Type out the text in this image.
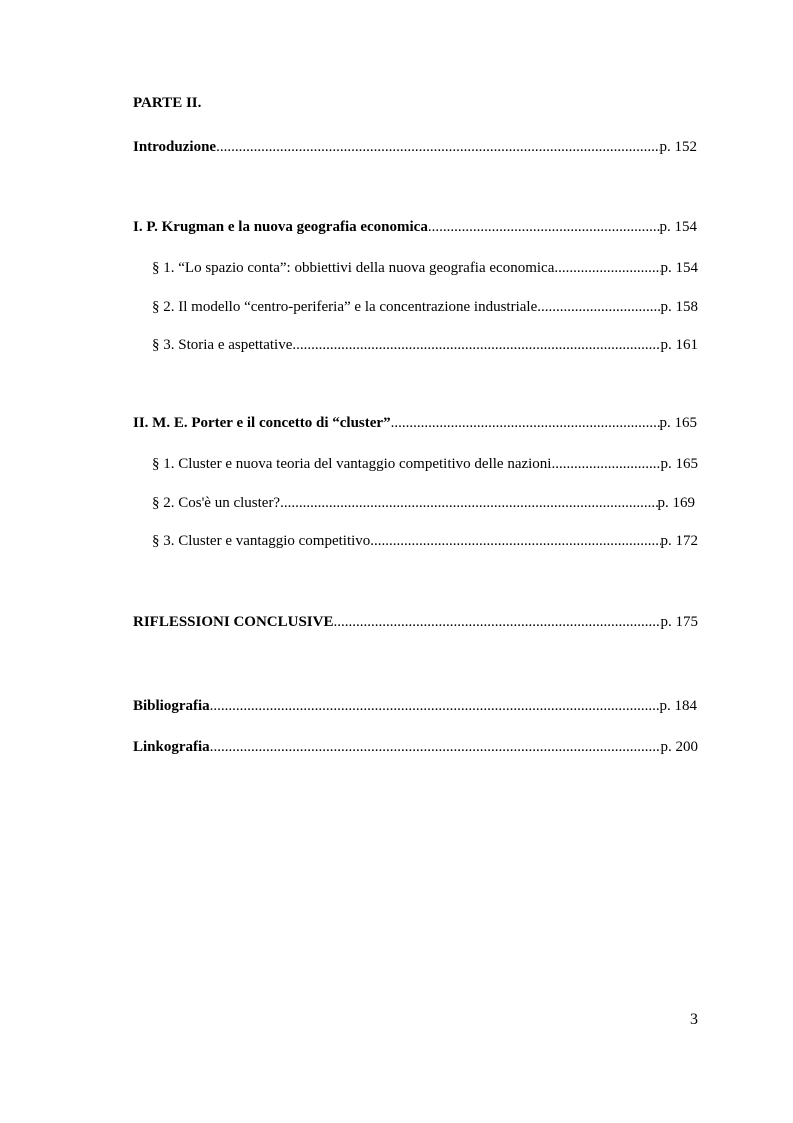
PARTE II.
Introduzione .....	p. 152
I. P. Krugman e la nuova geografia economica .....	p. 154
§ 1. “Lo spazio conta”: obbiettivi della nuova geografia economica .....	p. 154
§ 2. Il modello “centro-periferia” e la concentrazione industriale .....	p. 158
§ 3. Storia e aspettative .....	p. 161
II. M. E. Porter e il concetto di “cluster” .....	p. 165
§ 1. Cluster e nuova teoria del vantaggio competitivo delle nazioni .....	p. 165
§ 2. Cos'è un cluster? .....	p. 169
§ 3. Cluster e vantaggio competitivo .....	p. 172
RIFLESSIONI CONCLUSIVE .....	p. 175
Bibliografia .....	p. 184
Linkografia .....	p. 200
3
